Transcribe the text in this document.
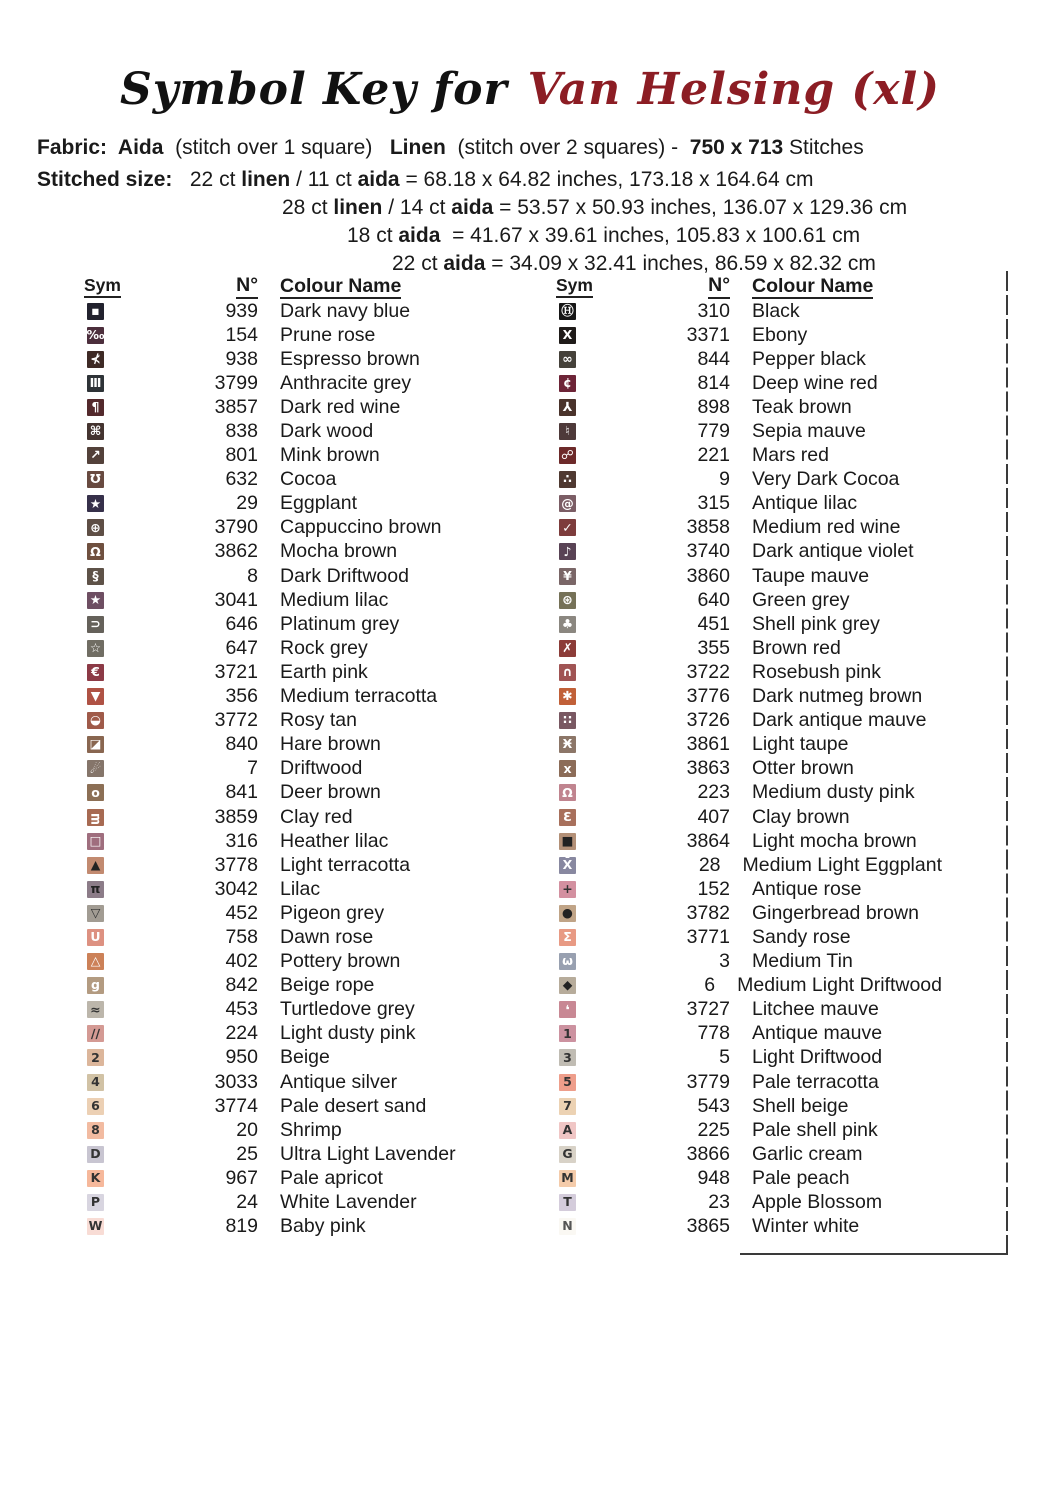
Symbol Key for Van Helsing (xl)
Fabric:  Aida  (stitch over 1 square)   Linen  (stitch over 2 squares) -  750 x 713 Stitches
Stitched size:   22 ct linen / 11 ct aida = 68.18 x 64.82 inches, 173.18 x 164.64 cm
28 ct linen / 14 ct aida = 53.57 x 50.93 inches, 136.07 x 129.36 cm
18 ct aida  = 41.67 x 39.61 inches, 105.83 x 100.61 cm
22 ct aida = 34.09 x 32.41 inches, 86.59 x 82.32 cm
Sym	N°	Colour Name
▪	939	Dark navy blue
‰	154	Prune rose
⊀	938	Espresso brown
Ⅲ	3799	Anthracite grey
¶	3857	Dark red wine
⌘	838	Dark wood
↗	801	Mink brown
Ʊ	632	Cocoa
★	29	Eggplant
⊕	3790	Cappuccino brown
Ω	3862	Mocha brown
§	8	Dark Driftwood
★	3041	Medium lilac
⊃	646	Platinum grey
☆	647	Rock grey
€	3721	Earth pink
▼	356	Medium terracotta
◒	3772	Rosy tan
◪	840	Hare brown
☄	7	Driftwood
o	841	Deer brown
ᴟ	3859	Clay red
□	316	Heather lilac
▲	3778	Light terracotta
π	3042	Lilac
▽	452	Pigeon grey
U	758	Dawn rose
△	402	Pottery brown
g	842	Beige rope
≈	453	Turtledove grey
∕∕	224	Light dusty pink
2	950	Beige
4	3033	Antique silver
6	3774	Pale desert sand
8	20	Shrimp
D	25	Ultra Light Lavender
K	967	Pale apricot
P	24	White Lavender
W	819	Baby pink
Sym	N°	Colour Name
Ⓗ	310	Black
X	3371	Ebony
∞	844	Pepper black
¢	814	Deep wine red
⅄	898	Teak brown
♮	779	Sepia mauve
☍	221	Mars red
∴	9	Very Dark Cocoa
@	315	Antique lilac
✓	3858	Medium red wine
♪	3740	Dark antique violet
¥	3860	Taupe mauve
⊛	640	Green grey
♣	451	Shell pink grey
✗	355	Brown red
∩	3722	Rosebush pink
✱	3776	Dark nutmeg brown
∷	3726	Dark antique mauve
Ӿ	3861	Light taupe
x	3863	Otter brown
Ω	223	Medium dusty pink
Ɛ	407	Clay brown
■	3864	Light mocha brown
X̄	28	Medium Light Eggplant
+	152	Antique rose
●	3782	Gingerbread brown
Σ	3771	Sandy rose
ω	3	Medium Tin
◆	6	Medium Light Driftwood
❛	3727	Litchee mauve
1	778	Antique mauve
3	5	Light Driftwood
5	3779	Pale terracotta
7	543	Shell beige
A	225	Pale shell pink
G	3866	Garlic cream
M	948	Pale peach
T	23	Apple Blossom
N	3865	Winter white
